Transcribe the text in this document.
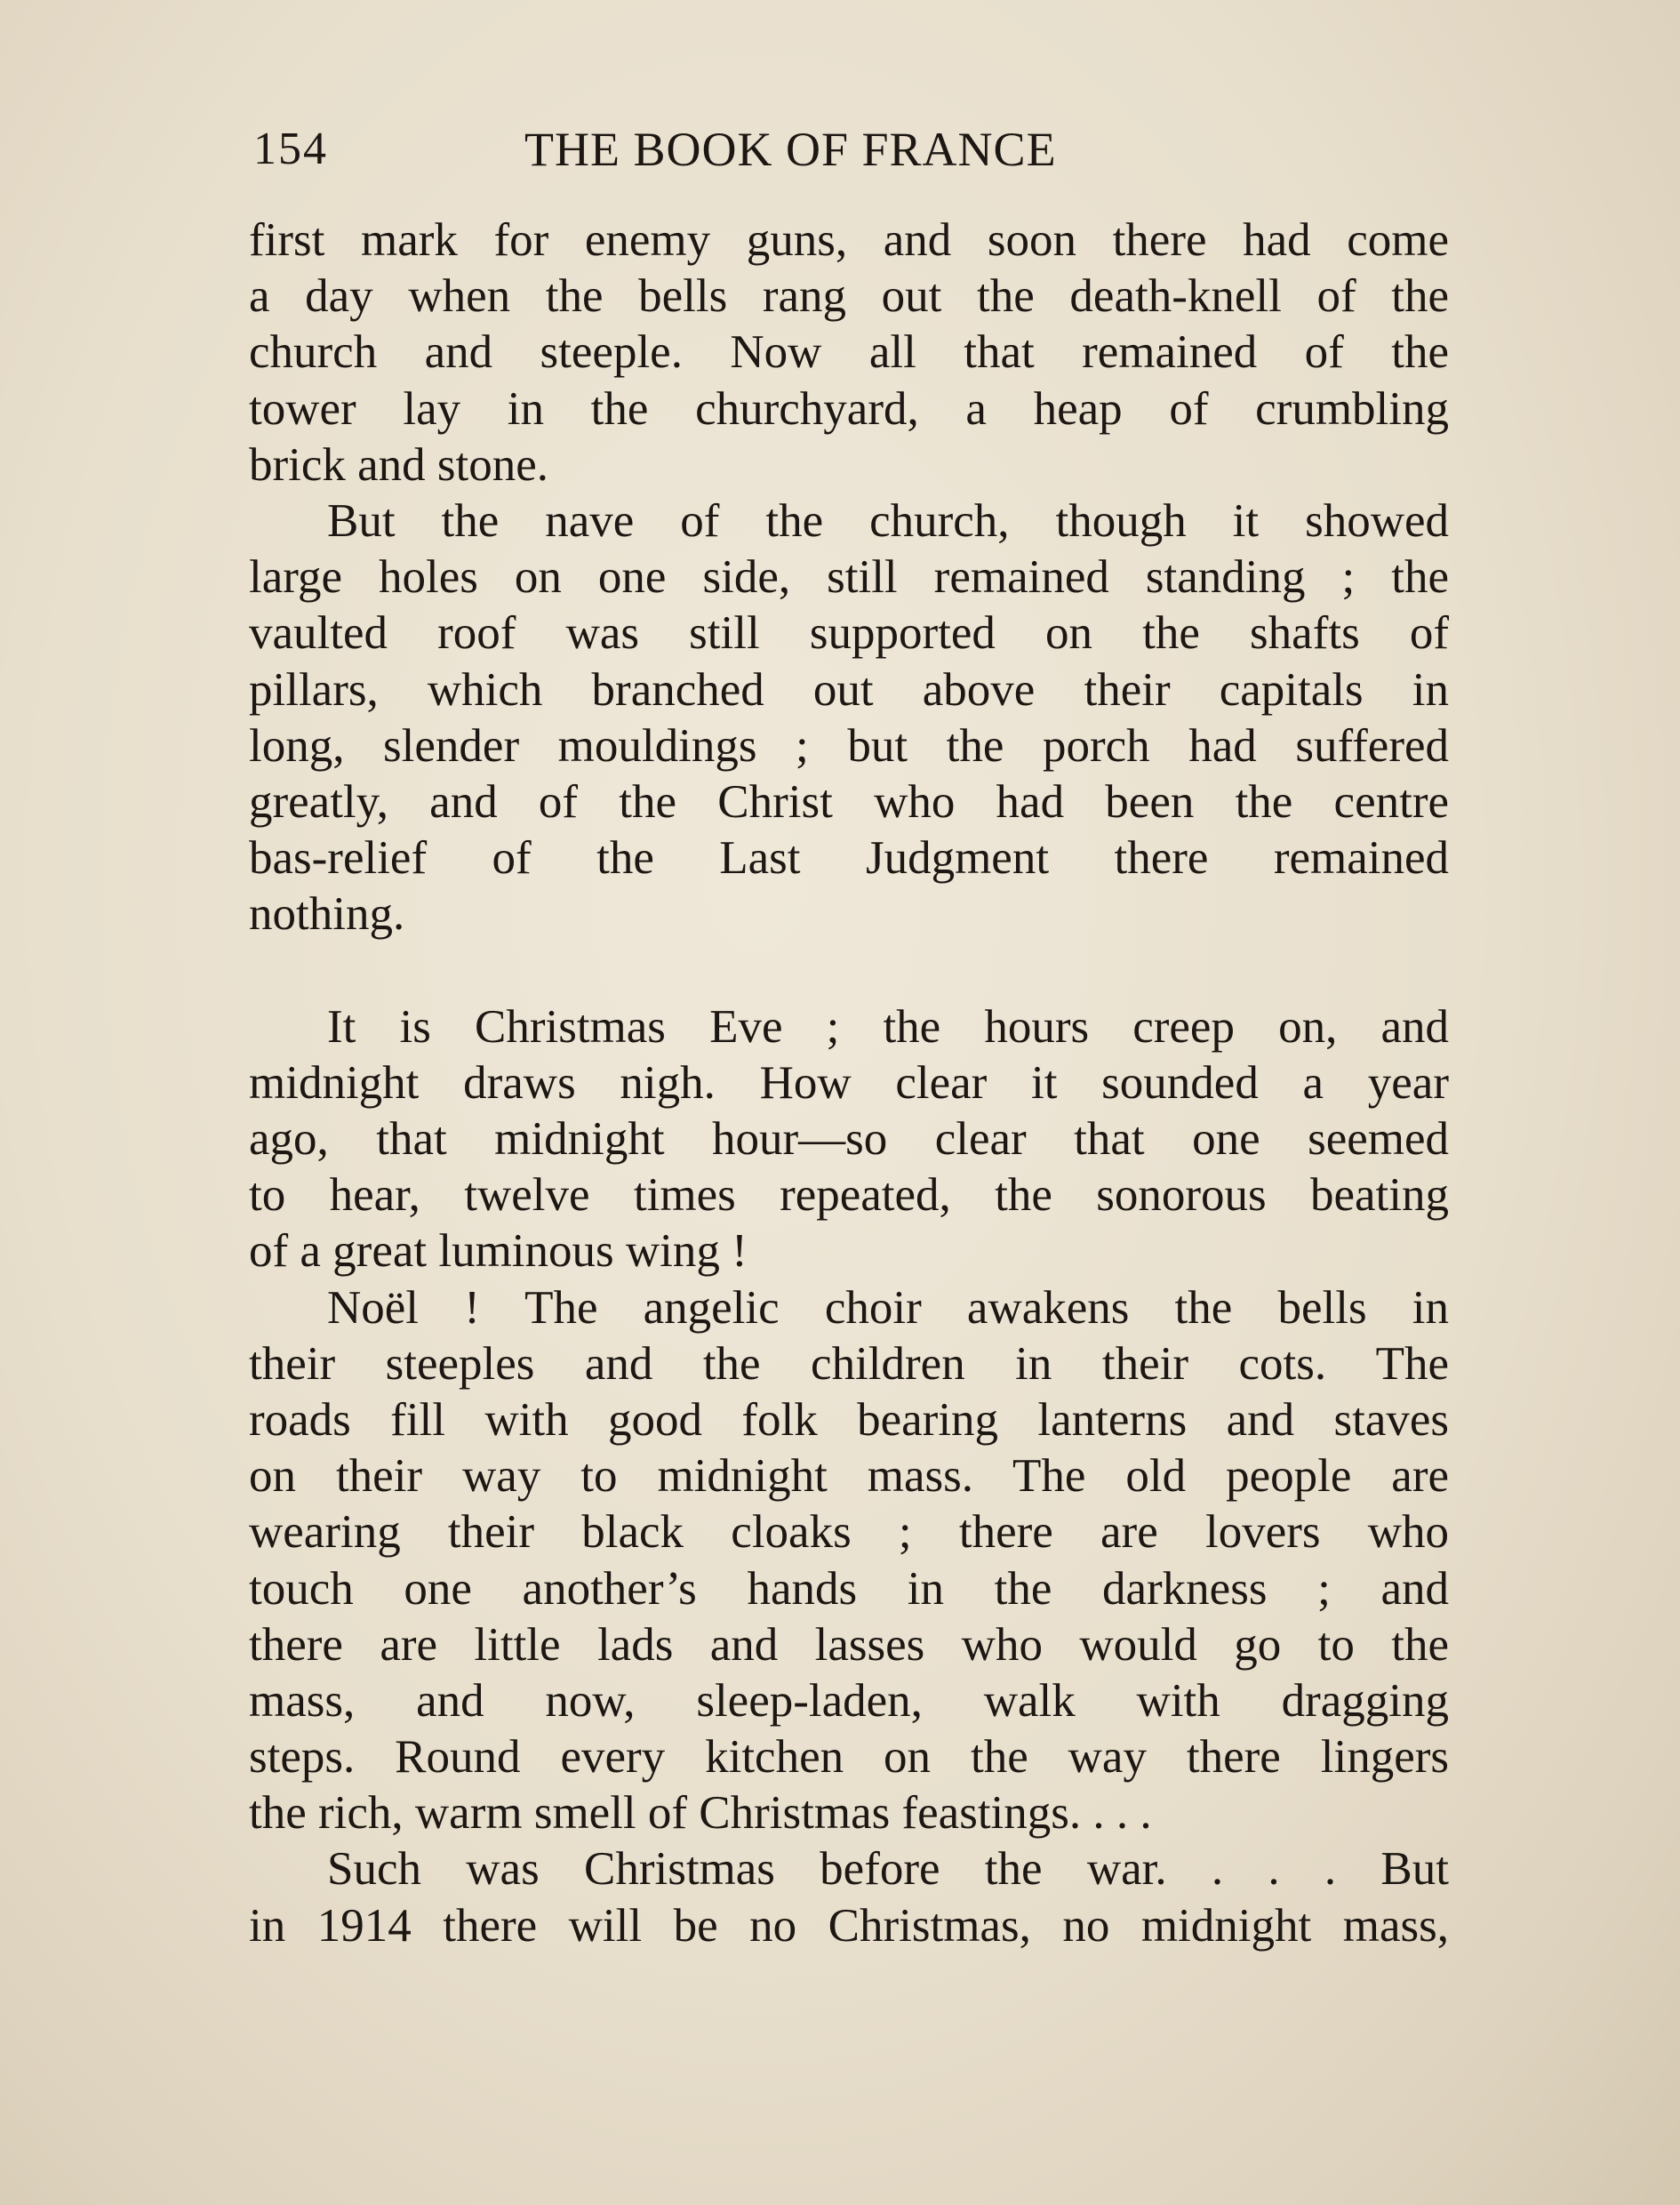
154	THE BOOK OF FRANCE
first mark for enemy guns, and soon there had come
a day when the bells rang out the death-knell of the
church and steeple. Now all that remained of the
tower lay in the churchyard, a heap of crumbling
brick and stone.
But the nave of the church, though it showed
large holes on one side, still remained standing ; the
vaulted roof was still supported on the shafts of
pillars, which branched out above their capitals in
long, slender mouldings ; but the porch had suffered
greatly, and of the Christ who had been the centre
bas-relief of the Last Judgment there remained
nothing.
It is Christmas Eve ; the hours creep on, and
midnight draws nigh. How clear it sounded a year
ago, that midnight hour—so clear that one seemed
to hear, twelve times repeated, the sonorous beating
of a great luminous wing !
Noël ! The angelic choir awakens the bells in
their steeples and the children in their cots. The
roads fill with good folk bearing lanterns and staves
on their way to midnight mass. The old people are
wearing their black cloaks ; there are lovers who
touch one another’s hands in the darkness ; and
there are little lads and lasses who would go to the
mass, and now, sleep-laden, walk with dragging
steps. Round every kitchen on the way there lingers
the rich, warm smell of Christmas feastings. . . .
Such was Christmas before the war. . . . But
in 1914 there will be no Christmas, no midnight mass,
